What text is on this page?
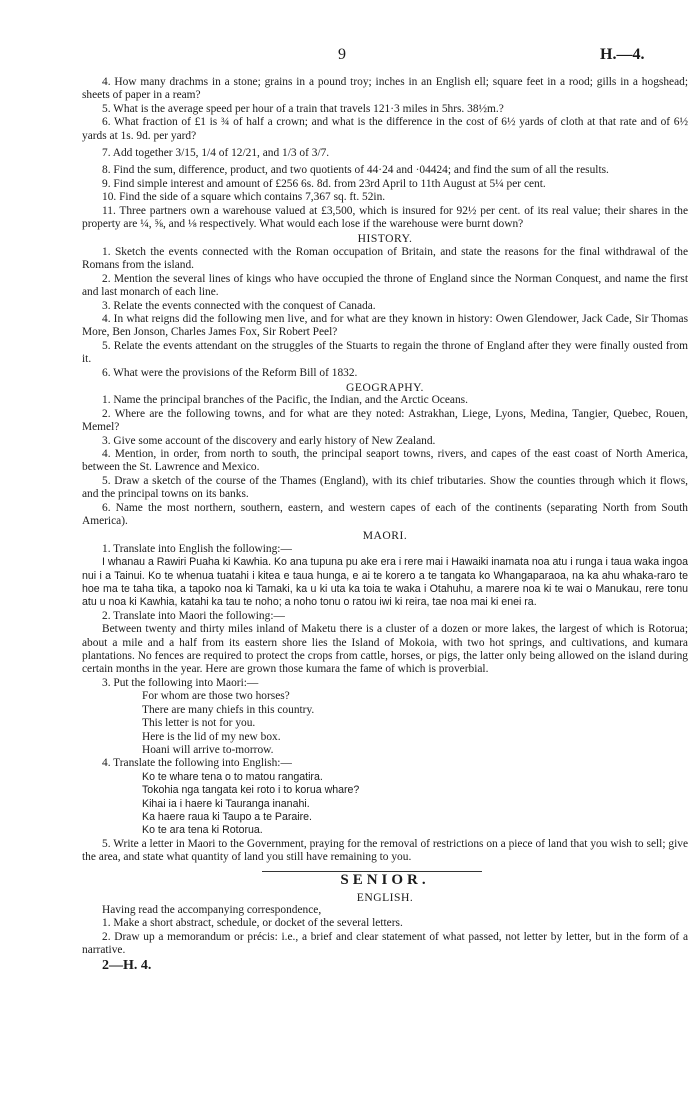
9	H.—4.

4. How many drachms in a stone; grains in a pound troy; inches in an English ell; square feet in a rood; gills in a hogshead; sheets of paper in a ream?

5. What is the average speed per hour of a train that travels 121·3 miles in 5hrs. 38½m.?

6. What fraction of £1 is ¾ of half a crown; and what is the difference in the cost of 6½ yards of cloth at that rate and of 6½ yards at 1s. 9d. per yard?

7. Add together 3/15, 1/4 of 12/21, and 1/3 of 3/7.

8. Find the sum, difference, product, and two quotients of 44·24 and ·04424; and find the sum of all the results.

9. Find simple interest and amount of £256 6s. 8d. from 23rd April to 11th August at 5¼ per cent.

10. Find the side of a square which contains 7,367 sq. ft. 52in.

11. Three partners own a warehouse valued at £3,500, which is insured for 92½ per cent. of its real value; their shares in the property are ¼, ⅝, and ⅛ respectively. What would each lose if the warehouse were burnt down?

HISTORY.

1. Sketch the events connected with the Roman occupation of Britain, and state the reasons for the final withdrawal of the Romans from the island.

2. Mention the several lines of kings who have occupied the throne of England since the Norman Conquest, and name the first and last monarch of each line.

3. Relate the events connected with the conquest of Canada.

4. In what reigns did the following men live, and for what are they known in history: Owen Glendower, Jack Cade, Sir Thomas More, Ben Jonson, Charles James Fox, Sir Robert Peel?

5. Relate the events attendant on the struggles of the Stuarts to regain the throne of England after they were finally ousted from it.

6. What were the provisions of the Reform Bill of 1832.

GEOGRAPHY.

1. Name the principal branches of the Pacific, the Indian, and the Arctic Oceans.

2. Where are the following towns, and for what are they noted: Astrakhan, Liege, Lyons, Medina, Tangier, Quebec, Rouen, Memel?

3. Give some account of the discovery and early history of New Zealand.

4. Mention, in order, from north to south, the principal seaport towns, rivers, and capes of the east coast of North America, between the St. Lawrence and Mexico.

5. Draw a sketch of the course of the Thames (England), with its chief tributaries. Show the counties through which it flows, and the principal towns on its banks.

6. Name the most northern, southern, eastern, and western capes of each of the continents (separating North from South America).

MAORI.

1. Translate into English the following:—

I whanau a Rawiri Puaha ki Kawhia. Ko ana tupuna pu ake era i rere mai i Hawaiki inamata noa atu i runga i taua waka ingoa nui i a Tainui. Ko te whenua tuatahi i kitea e taua hunga, e ai te korero a te tangata ko Whangaparaoa, na ka ahu whaka-raro te hoe ma te taha tika, a tapoko noa ki Tamaki, ka u ki uta ka toia te waka i Otahuhu, a marere noa ki te wai o Manukau, rere tonu atu u noa ki Kawhia, katahi ka tau te noho; a noho tonu o ratou iwi ki reira, tae noa mai ki enei ra.

2. Translate into Maori the following:—

Between twenty and thirty miles inland of Maketu there is a cluster of a dozen or more lakes, the largest of which is Rotorua; about a mile and a half from its eastern shore lies the Island of Mokoia, with two hot springs, and cultivations, and kumara plantations. No fences are required to protect the crops from cattle, horses, or pigs, the latter only being allowed on the island during certain months in the year. Here are grown those kumara the fame of which is proverbial.

3. Put the following into Maori:—

For whom are those two horses?
There are many chiefs in this country.
This letter is not for you.
Here is the lid of my new box.
Hoani will arrive to-morrow.

4. Translate the following into English:—

Ko te whare tena o to matou rangatira.
Tokohia nga tangata kei roto i to korua whare?
Kihai ia i haere ki Tauranga inanahi.
Ka haere raua ki Taupo a te Paraire.
Ko te ara tena ki Rotorua.

5. Write a letter in Maori to the Government, praying for the removal of restrictions on a piece of land that you wish to sell; give the area, and state what quantity of land you still have remaining to you.

SENIOR.
ENGLISH.

Having read the accompanying correspondence,

1. Make a short abstract, schedule, or docket of the several letters.

2. Draw up a memorandum or précis: i.e., a brief and clear statement of what passed, not letter by letter, but in the form of a narrative.

2—H. 4.
